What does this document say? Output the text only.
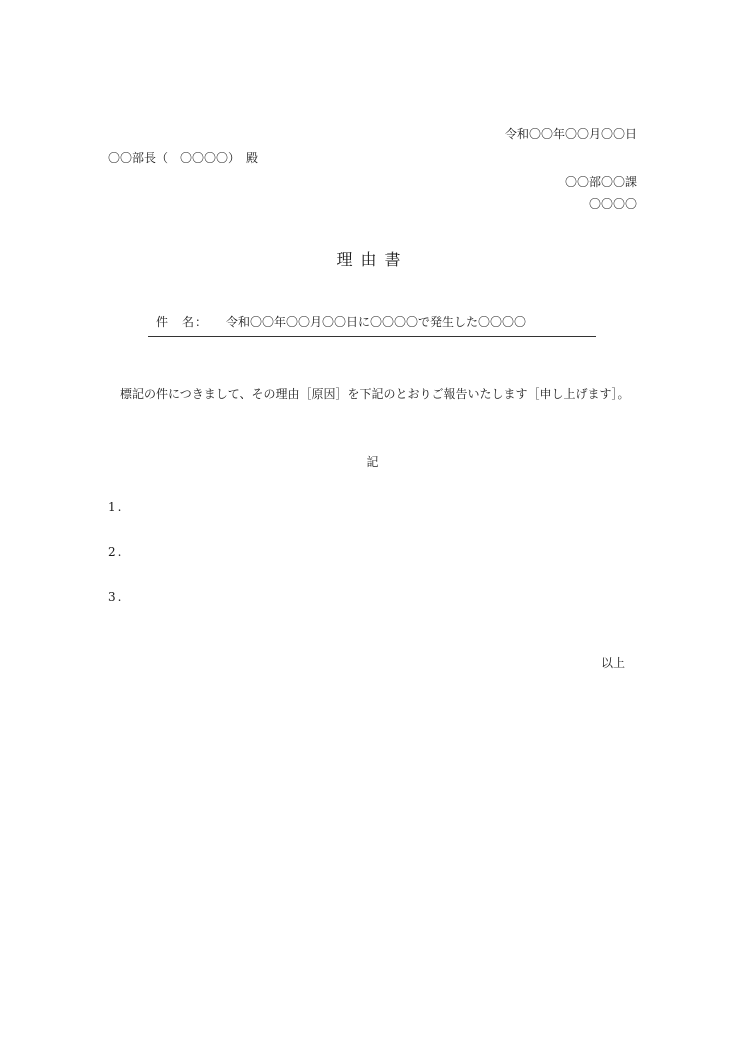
令和〇〇年〇〇月〇〇日
〇〇部長（　〇〇〇〇）　殿
〇〇部〇〇課
〇〇〇〇
理由書
件　名： 令和〇〇年〇〇月〇〇日に〇〇〇〇で発生した〇〇〇〇
標記の件につきまして、その理由［原因］を下記のとおりご報告いたします［申し上げます］。
記
1.
2.
3.
以上
